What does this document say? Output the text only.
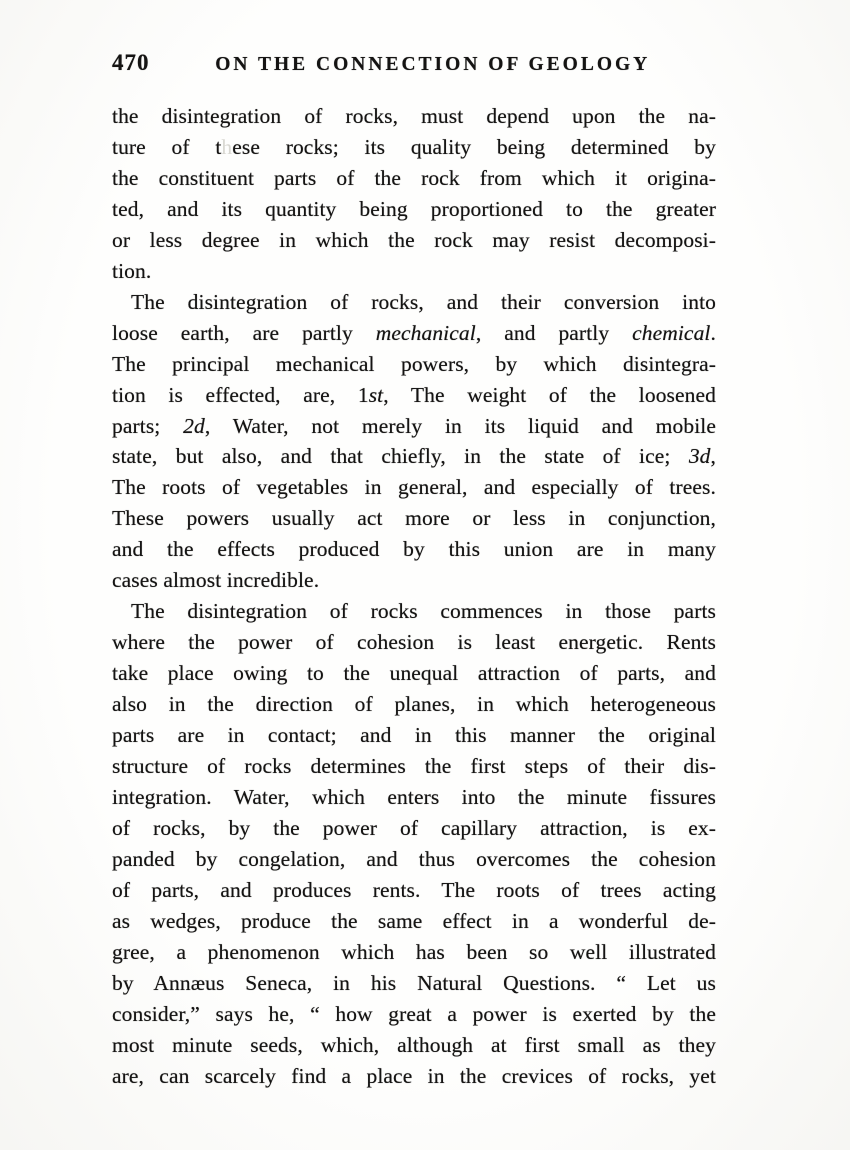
470	ON THE CONNECTION OF GEOLOGY
the disintegration of rocks, must depend upon the na-
ture of these rocks; its quality being determined by
the constituent parts of the rock from which it origina-
ted, and its quantity being proportioned to the greater
or less degree in which the rock may resist decomposi-
tion.
The disintegration of rocks, and their conversion into
loose earth, are partly mechanical, and partly chemical.
The principal mechanical powers, by which disintegra-
tion is effected, are, 1st, The weight of the loosened
parts; 2d, Water, not merely in its liquid and mobile
state, but also, and that chiefly, in the state of ice; 3d,
The roots of vegetables in general, and especially of trees.
These powers usually act more or less in conjunction,
and the effects produced by this union are in many
cases almost incredible.
The disintegration of rocks commences in those parts
where the power of cohesion is least energetic. Rents
take place owing to the unequal attraction of parts, and
also in the direction of planes, in which heterogeneous
parts are in contact; and in this manner the original
structure of rocks determines the first steps of their dis-
integration. Water, which enters into the minute fissures
of rocks, by the power of capillary attraction, is ex-
panded by congelation, and thus overcomes the cohesion
of parts, and produces rents. The roots of trees acting
as wedges, produce the same effect in a wonderful de-
gree, a phenomenon which has been so well illustrated
by Annæus Seneca, in his Natural Questions. “ Let us
consider,” says he, “ how great a power is exerted by the
most minute seeds, which, although at first small as they
are, can scarcely find a place in the crevices of rocks, yet
